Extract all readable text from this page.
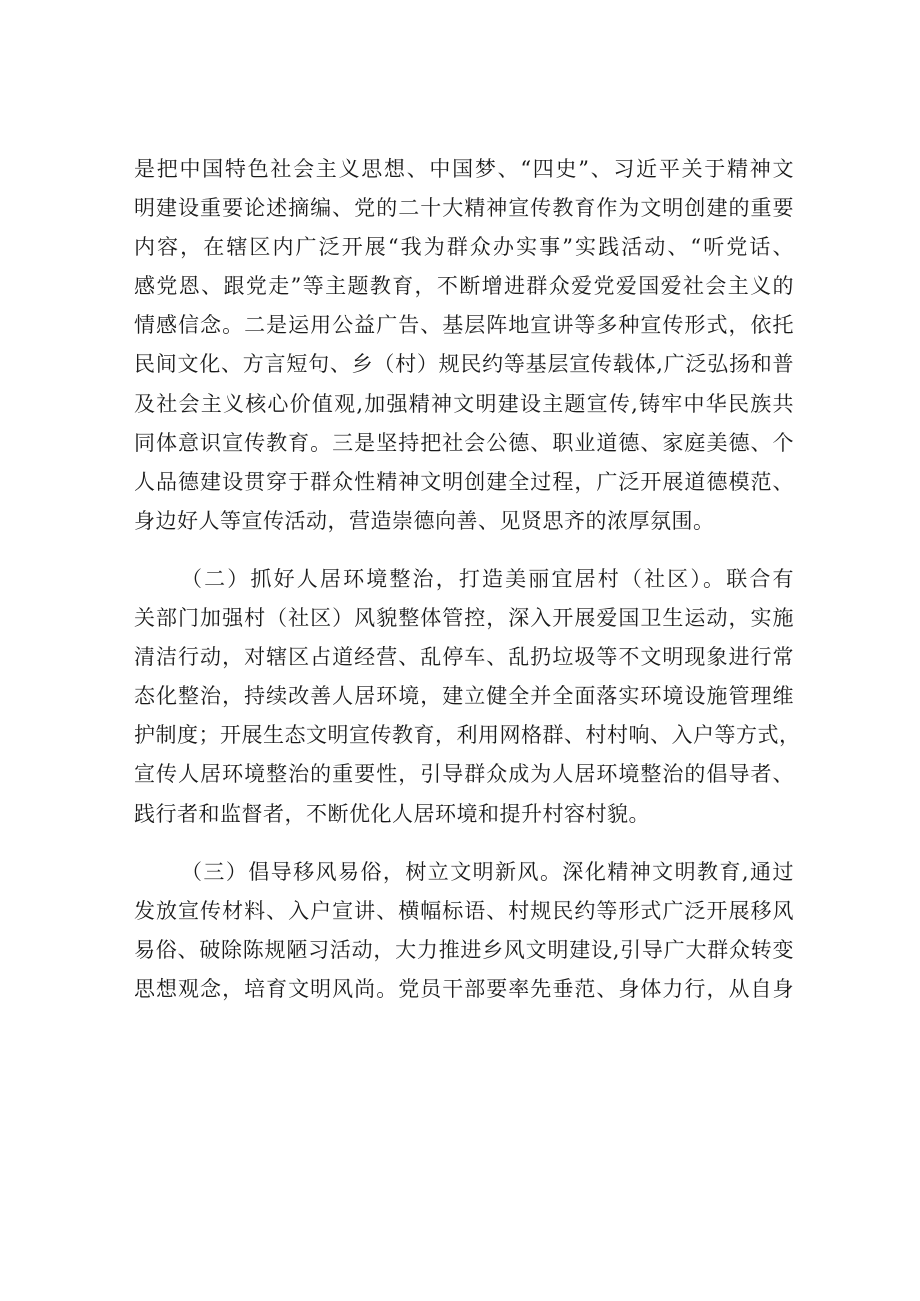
是把中国特色社会主义思想、中国梦、“四史”、习近平关于精神文
明建设重要论述摘编、党的二十大精神宣传教育作为文明创建的重要
内容，在辖区内广泛开展“我为群众办实事”实践活动、“听党话、
感党恩、跟党走”等主题教育，不断增进群众爱党爱国爱社会主义的
情感信念。二是运用公益广告、基层阵地宣讲等多种宣传形式，依托
民间文化、方言短句、乡（村）规民约等基层宣传载体,广泛弘扬和普
及社会主义核心价值观,加强精神文明建设主题宣传,铸牢中华民族共
同体意识宣传教育。三是坚持把社会公德、职业道德、家庭美德、个
人品德建设贯穿于群众性精神文明创建全过程，广泛开展道德模范、
身边好人等宣传活动，营造崇德向善、见贤思齐的浓厚氛围。
（二）抓好人居环境整治，打造美丽宜居村（社区）。联合有
关部门加强村（社区）风貌整体管控，深入开展爱国卫生运动，实施
清洁行动，对辖区占道经营、乱停车、乱扔垃圾等不文明现象进行常
态化整治，持续改善人居环境，建立健全并全面落实环境设施管理维
护制度；开展生态文明宣传教育，利用网格群、村村响、入户等方式，
宣传人居环境整治的重要性，引导群众成为人居环境整治的倡导者、
践行者和监督者，不断优化人居环境和提升村容村貌。
（三）倡导移风易俗，树立文明新风。深化精神文明教育,通过
发放宣传材料、入户宣讲、横幅标语、村规民约等形式广泛开展移风
易俗、破除陈规陋习活动，大力推进乡风文明建设,引导广大群众转变
思想观念，培育文明风尚。党员干部要率先垂范、身体力行，从自身
